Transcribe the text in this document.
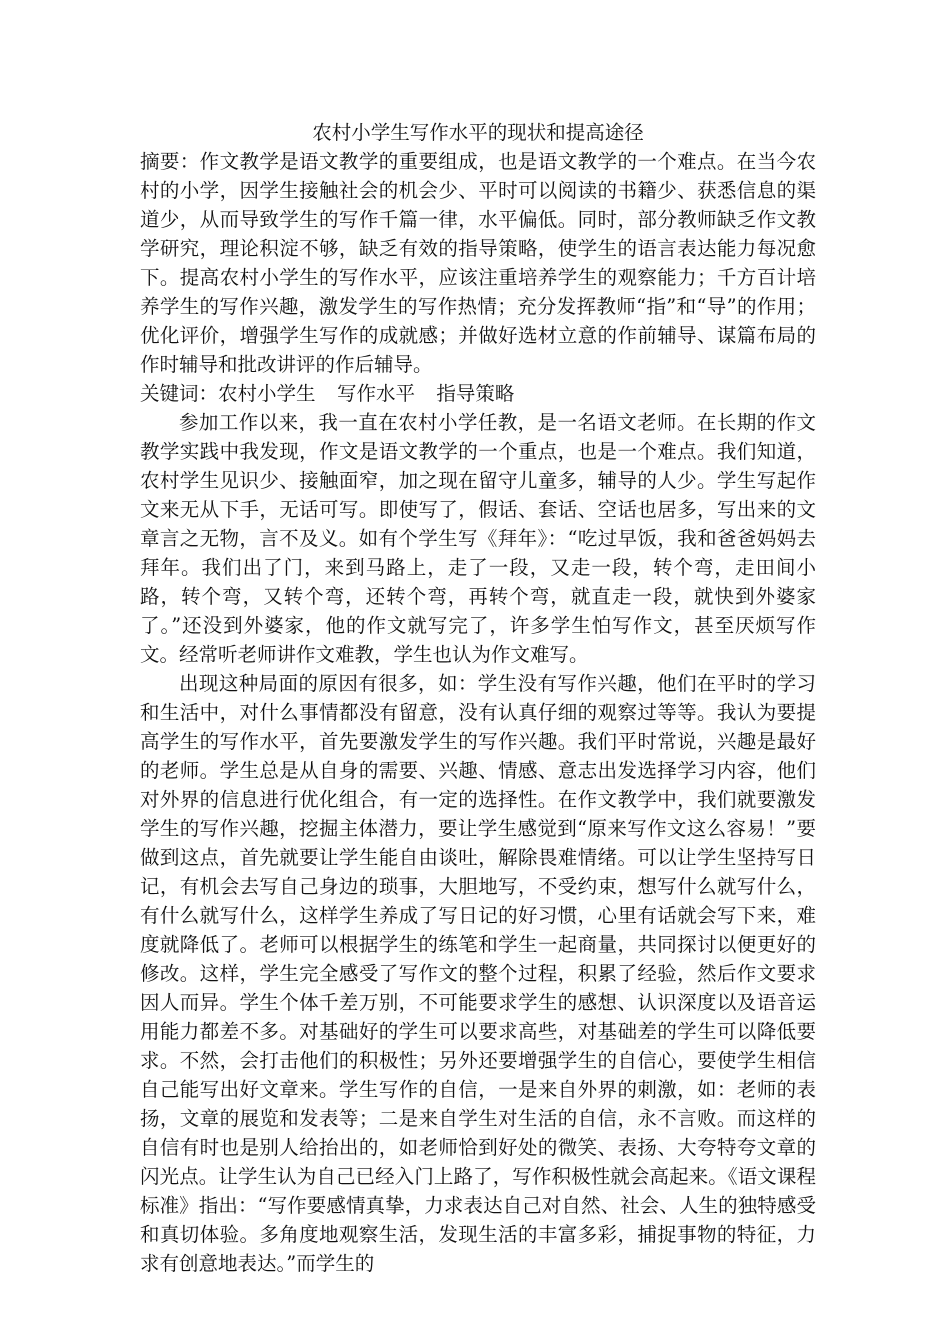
农村小学生写作水平的现状和提高途径

摘要：作文教学是语文教学的重要组成，也是语文教学的一个难点。在当今农村的小学，因学生接触社会的机会少、平时可以阅读的书籍少、获悉信息的渠道少，从而导致学生的写作千篇一律，水平偏低。同时，部分教师缺乏作文教学研究，理论积淀不够，缺乏有效的指导策略，使学生的语言表达能力每况愈下。提高农村小学生的写作水平，应该注重培养学生的观察能力；千方百计培养学生的写作兴趣，激发学生的写作热情；充分发挥教师“指”和“导”的作用；优化评价，增强学生写作的成就感；并做好选材立意的作前辅导、谋篇布局的作时辅导和批改讲评的作后辅导。

关键词：农村小学生 写作水平 指导策略

参加工作以来，我一直在农村小学任教，是一名语文老师。在长期的作文教学实践中我发现，作文是语文教学的一个重点，也是一个难点。我们知道，农村学生见识少、接触面窄，加之现在留守儿童多，辅导的人少。学生写起作文来无从下手，无话可写。即使写了，假话、套话、空话也居多，写出来的文章言之无物，言不及义。如有个学生写《拜年》：“吃过早饭，我和爸爸妈妈去拜年。我们出了门，来到马路上，走了一段，又走一段，转个弯，走田间小路，转个弯，又转个弯，还转个弯，再转个弯，就直走一段，就快到外婆家了。”还没到外婆家，他的作文就写完了，许多学生怕写作文，甚至厌烦写作文。经常听老师讲作文难教，学生也认为作文难写。

出现这种局面的原因有很多，如：学生没有写作兴趣，他们在平时的学习和生活中，对什么事情都没有留意，没有认真仔细的观察过等等。我认为要提高学生的写作水平，首先要激发学生的写作兴趣。我们平时常说，兴趣是最好的老师。学生总是从自身的需要、兴趣、情感、意志出发选择学习内容，他们对外界的信息进行优化组合，有一定的选择性。在作文教学中，我们就要激发学生的写作兴趣，挖掘主体潜力，要让学生感觉到“原来写作文这么容易！”要做到这点，首先就要让学生能自由谈吐，解除畏难情绪。可以让学生坚持写日记，有机会去写自己身边的琐事，大胆地写，不受约束，想写什么就写什么，有什么就写什么，这样学生养成了写日记的好习惯，心里有话就会写下来，难度就降低了。老师可以根据学生的练笔和学生一起商量，共同探讨以便更好的修改。这样，学生完全感受了写作文的整个过程，积累了经验，然后作文要求因人而异。学生个体千差万别，不可能要求学生的感想、认识深度以及语音运用能力都差不多。对基础好的学生可以要求高些，对基础差的学生可以降低要求。不然，会打击他们的积极性；另外还要增强学生的自信心，要使学生相信自己能写出好文章来。学生写作的自信，一是来自外界的刺激，如：老师的表扬，文章的展览和发表等；二是来自学生对生活的自信，永不言败。而这样的自信有时也是别人给抬出的，如老师恰到好处的微笑、表扬、大夸特夸文章的闪光点。让学生认为自己已经入门上路了，写作积极性就会高起来。《语文课程标准》指出：“写作要感情真挚，力求表达自己对自然、社会、人生的独特感受和真切体验。多角度地观察生活，发现生活的丰富多彩，捕捉事物的特征，力求有创意地表达。”而学生的
